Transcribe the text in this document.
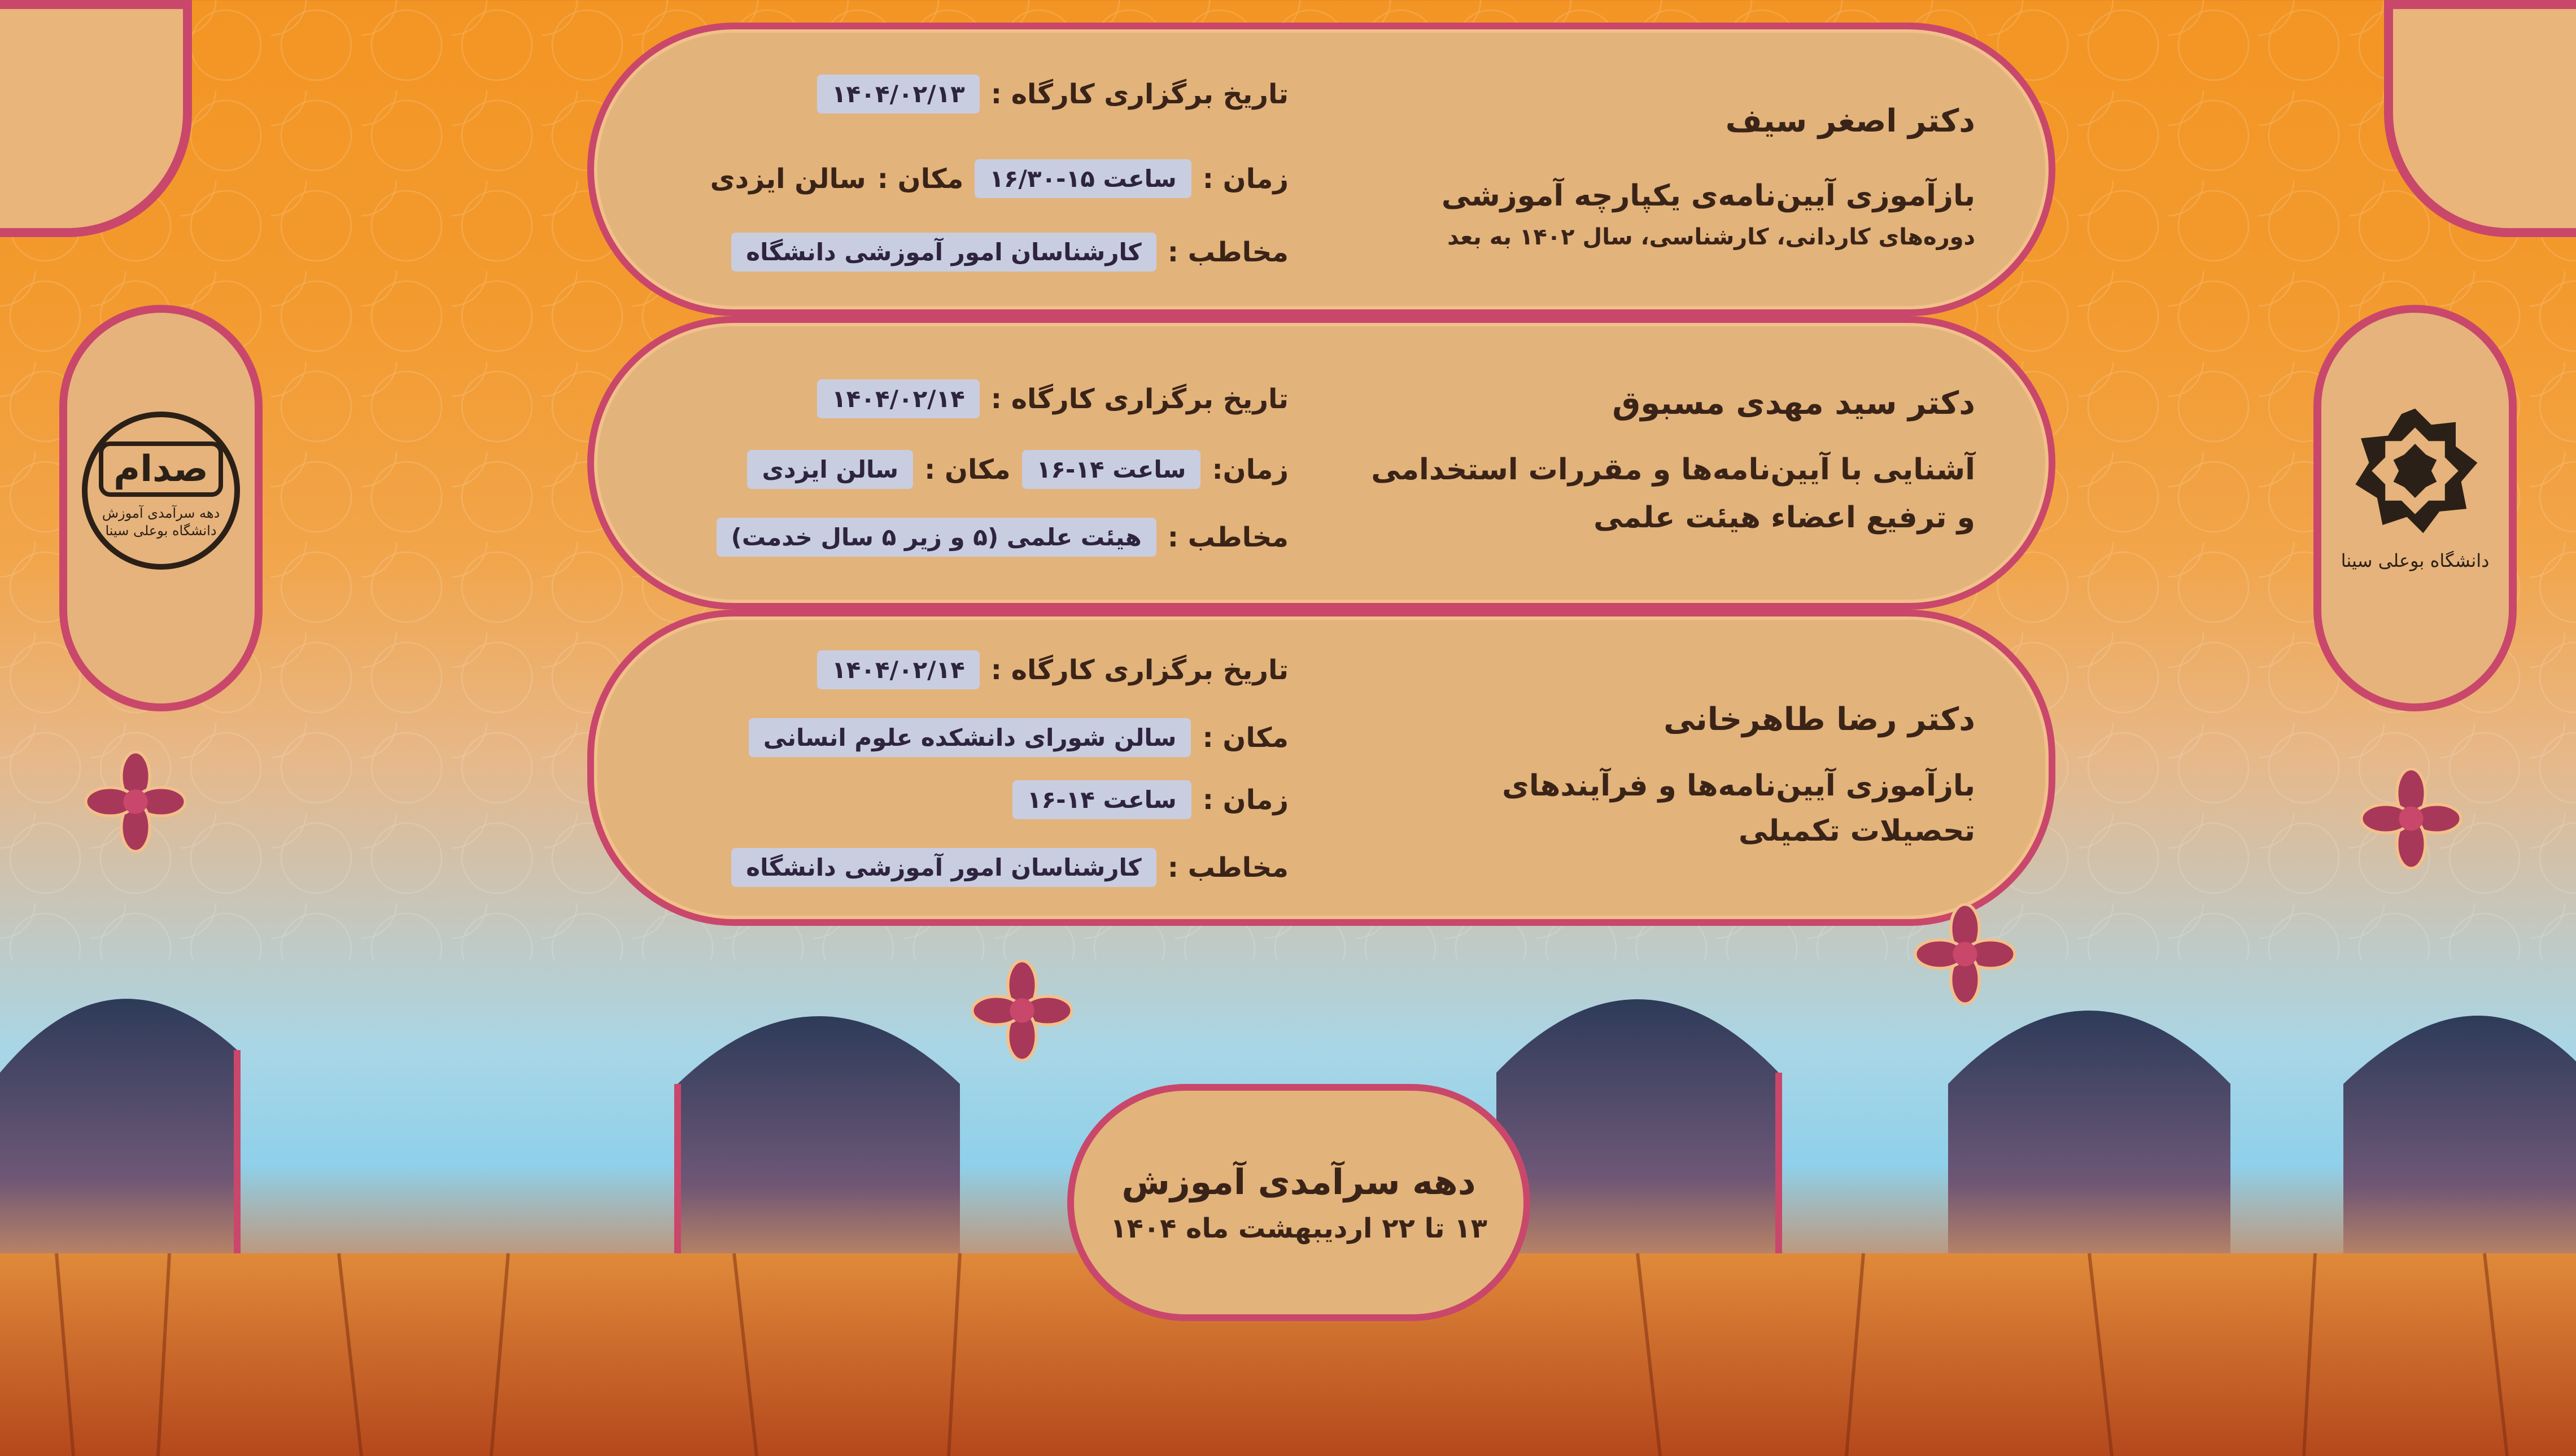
صدام
دهه سرآمدی آموزش
دانشگاه بوعلی سینا
دانشگاه بوعلی سینا
تاریخ برگزاری کارگاه :
۱۴۰۴/۰۲/۱۳
زمان :
ساعت ۱۵-۱۶/۳۰
مکان :
سالن ایزدی
مخاطب :
کارشناسان امور آموزشی دانشگاه
دکتر اصغر سیف
بازآموزی آیین‌نامه‌ی یکپارچه آموزشی
دوره‌های کاردانی، کارشناسی، سال ۱۴۰۲ به بعد
تاریخ برگزاری کارگاه :
۱۴۰۴/۰۲/۱۴
زمان:
ساعت ۱۴-۱۶
مکان :
سالن ایزدی
مخاطب :
هیئت علمی (۵ و زیر ۵ سال خدمت)
دکتر سید مهدی مسبوق
آشنایی با آیین‌نامه‌ها و مقررات استخدامی
و ترفیع اعضاء هیئت علمی
تاریخ برگزاری کارگاه :
۱۴۰۴/۰۲/۱۴
مکان :
سالن شورای دانشکده علوم انسانی
زمان :
ساعت ۱۴-۱۶
مخاطب :
کارشناسان امور آموزشی دانشگاه
دکتر رضا طاهرخانی
بازآموزی آیین‌نامه‌ها و فرآیندهای
تحصیلات تکمیلی
دهه سرآمدی آموزش
۱۳ تا ۲۲ اردیبهشت ماه ۱۴۰۴
